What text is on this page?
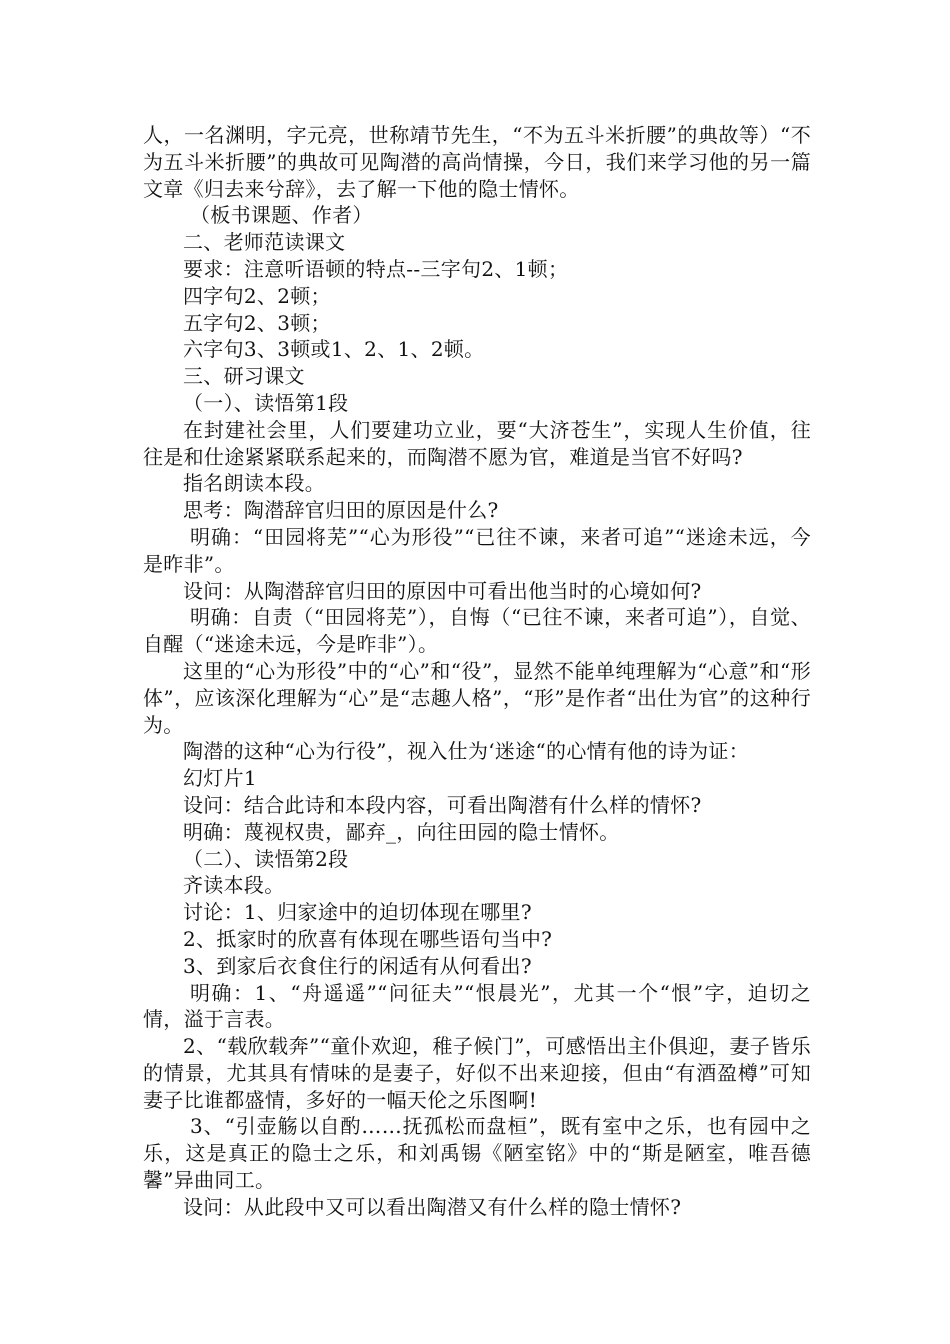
人，一名渊明，字元亮，世称靖节先生，“不为五斗米折腰”的典故等）“不为五斗米折腰”的典故可见陶潜的高尚情操，今日，我们来学习他的另一篇文章《归去来兮辞》，去了解一下他的隐士情怀。

（板书课题、作者）

二、老师范读课文

要求：注意听语顿的特点--三字句2、1顿；

四字句2、2顿；

五字句2、3顿；

六字句3、3顿或1、2、1、2顿。

三、研习课文

（一）、读悟第1段

在封建社会里，人们要建功立业，要“大济苍生”，实现人生价值，往往是和仕途紧紧联系起来的，而陶潜不愿为官，难道是当官不好吗?

指名朗读本段。

思考：陶潜辞官归田的原因是什么?

明确：“田园将芜”“心为形役”“已往不谏，来者可追”“迷途未远，今是昨非”。

设问：从陶潜辞官归田的原因中可看出他当时的心境如何?

明确：自责（“田园将芜”），自悔（“已往不谏，来者可追”），自觉、自醒（“迷途未远，今是昨非”）。

这里的“心为形役”中的“心”和“役”，显然不能单纯理解为“心意”和“形体”，应该深化理解为“心”是“志趣人格”，“形”是作者“出仕为官”的这种行为。

陶潜的这种“心为行役”，视入仕为‘迷途“的心情有他的诗为证：

幻灯片1

设问：结合此诗和本段内容，可看出陶潜有什么样的情怀?

明确：蔑视权贵，鄙弃_，向往田园的隐士情怀。

（二）、读悟第2段

齐读本段。

讨论：1、归家途中的迫切体现在哪里?

2、抵家时的欣喜有体现在哪些语句当中?

3、到家后衣食住行的闲适有从何看出?

明确：1、“舟遥遥”“问征夫”“恨晨光”，尤其一个“恨”字，迫切之情，溢于言表。

2、“载欣载奔”“童仆欢迎，稚子候门”，可感悟出主仆俱迎，妻子皆乐的情景，尤其具有情味的是妻子，好似不出来迎接，但由“有酒盈樽”可知妻子比谁都盛情，多好的一幅天伦之乐图啊!

3、“引壶觞以自酌……抚孤松而盘桓”，既有室中之乐，也有园中之乐，这是真正的隐士之乐，和刘禹锡《陋室铭》中的“斯是陋室，唯吾德馨”异曲同工。

设问：从此段中又可以看出陶潜又有什么样的隐士情怀?
